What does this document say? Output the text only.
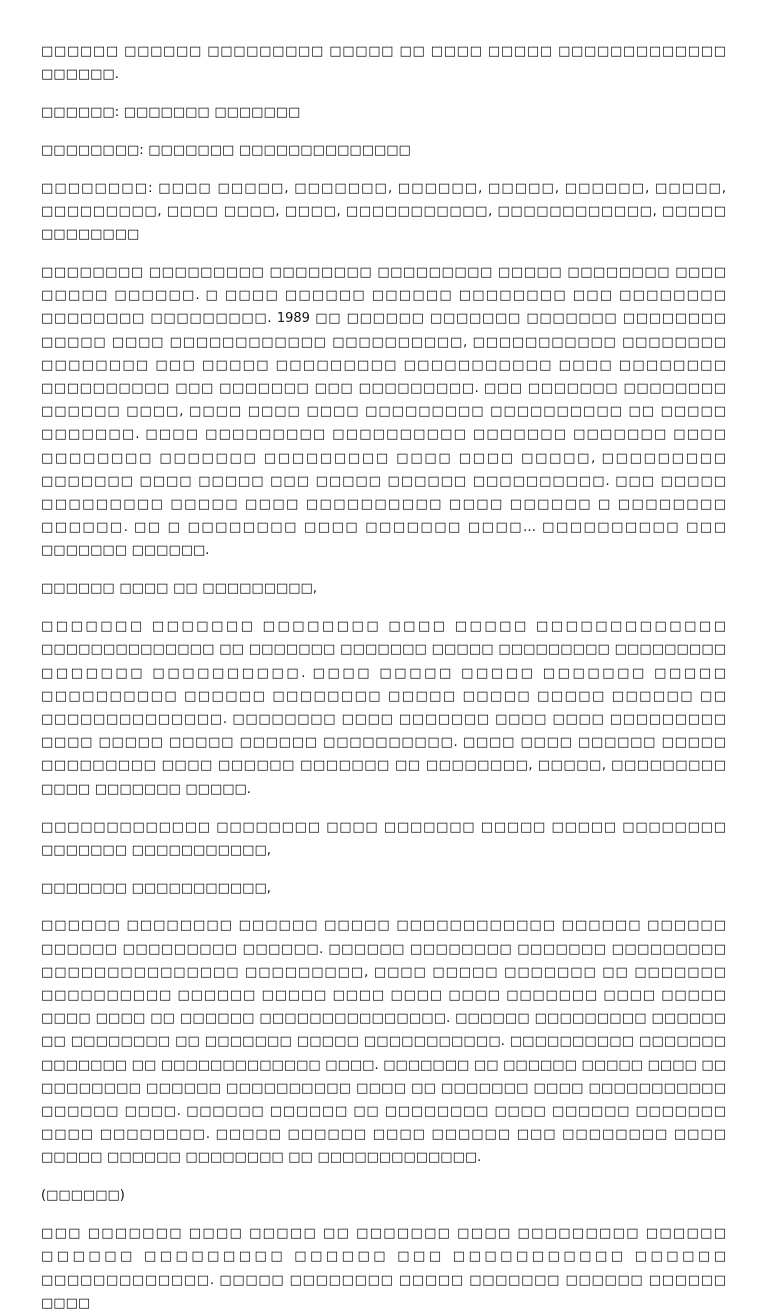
□□□□□□ □□□□□□ □□□□□□□□□ □□□□□ □□ □□□□ □□□□□ □□□□□□□□□□□□□ □□□□□□.

□□□□□□: □□□□□□□ □□□□□□□

□□□□□□□□: □□□□□□□ □□□□□□□□□□□□□□

□□□□□□□□: □□□□ □□□□□, □□□□□□□, □□□□□□, □□□□□, □□□□□□, □□□□□, □□□□□□□□□, □□□□ □□□□, □□□□, □□□□□□□□□□□, □□□□□□□□□□□□, □□□□□ □□□□□□□□

□□□□□□□□ □□□□□□□□□ □□□□□□□□ □□□□□□□□□ □□□□□ □□□□□□□□ □□□□ □□□□□ □□□□□□. □ □□□□ □□□□□□ □□□□□□ □□□□□□□□ □□□ □□□□□□□□ □□□□□□□□ □□□□□□□□□. 1989 □□ □□□□□□ □□□□□□□ □□□□□□□ □□□□□□□□ □□□□□ □□□□ □□□□□□□□□□□□ □□□□□□□□□□, □□□□□□□□□□□ □□□□□□□□ □□□□□□□□ □□□ □□□□□ □□□□□□□□□ □□□□□□□□□□□ □□□□ □□□□□□□□ □□□□□□□□□□ □□□ □□□□□□□ □□□ □□□□□□□□□. □□□ □□□□□□□ □□□□□□□□ □□□□□□ □□□□, □□□□ □□□□ □□□□ □□□□□□□□□ □□□□□□□□□□ □□ □□□□□ □□□□□□□. □□□□ □□□□□□□□□ □□□□□□□□□□ □□□□□□□ □□□□□□□ □□□□ □□□□□□□□ □□□□□□□ □□□□□□□□□ □□□□ □□□□ □□□□□, □□□□□□□□□ □□□□□□□ □□□□ □□□□□ □□□ □□□□□ □□□□□□ □□□□□□□□□□. □□□ □□□□□ □□□□□□□□□ □□□□□ □□□□ □□□□□□□□□□ □□□□ □□□□□□ □ □□□□□□□□ □□□□□□. □□ □ □□□□□□□□ □□□□ □□□□□□□ □□□□… □□□□□□□□□□ □□□ □□□□□□□ □□□□□□.

□□□□□□ □□□□ □□ □□□□□□□□□,

□□□□□□□ □□□□□□□ □□□□□□□□ □□□□ □□□□□ □□□□□□□□□□□□□ □□□□□□□□□□□□□□ □□ □□□□□□□ □□□□□□□ □□□□□ □□□□□□□□□ □□□□□□□□□ □□□□□□□ □□□□□□□□□□. □□□□ □□□□□ □□□□□ □□□□□□□ □□□□□ □□□□□□□□□□ □□□□□□ □□□□□□□□ □□□□□ □□□□□ □□□□□ □□□□□□ □□ □□□□□□□□□□□□□□. □□□□□□□□ □□□□ □□□□□□□ □□□□ □□□□ □□□□□□□□□ □□□□ □□□□□ □□□□□ □□□□□□ □□□□□□□□□□. □□□□ □□□□ □□□□□□ □□□□□ □□□□□□□□□ □□□□ □□□□□□ □□□□□□□ □□ □□□□□□□□, □□□□□, □□□□□□□□□ □□□□ □□□□□□□ □□□□□.

□□□□□□□□□□□□□ □□□□□□□□ □□□□ □□□□□□□ □□□□□ □□□□□ □□□□□□□□ □□□□□□□ □□□□□□□□□□□,

□□□□□□□ □□□□□□□□□□□,

□□□□□□ □□□□□□□□ □□□□□□ □□□□□ □□□□□□□□□□□□ □□□□□□ □□□□□□ □□□□□□ □□□□□□□□□ □□□□□□. □□□□□□ □□□□□□□□ □□□□□□□ □□□□□□□□□ □□□□□□□□□□□□□□□ □□□□□□□□□, □□□□ □□□□□ □□□□□□□ □□ □□□□□□□ □□□□□□□□□□ □□□□□□ □□□□□ □□□□ □□□□ □□□□ □□□□□□□ □□□□ □□□□□ □□□□ □□□□ □□ □□□□□□ □□□□□□□□□□□□□□□. □□□□□□ □□□□□□□□□ □□□□□□ □□ □□□□□□□□ □□ □□□□□□□ □□□□□ □□□□□□□□□□□. □□□□□□□□□□ □□□□□□□ □□□□□□□ □□ □□□□□□□□□□□□□ □□□□. □□□□□□□ □□ □□□□□□ □□□□□ □□□□ □□ □□□□□□□□ □□□□□□ □□□□□□□□□□ □□□□ □□ □□□□□□□ □□□□ □□□□□□□□□□□ □□□□□□ □□□□. □□□□□□ □□□□□□ □□ □□□□□□□□ □□□□ □□□□□□ □□□□□□□ □□□□ □□□□□□□□. □□□□□ □□□□□□ □□□□ □□□□□□ □□□ □□□□□□□□ □□□□ □□□□□ □□□□□□ □□□□□□□□ □□ □□□□□□□□□□□□□.

(□□□□□□)

□□□ □□□□□□□ □□□□ □□□□□ □□ □□□□□□□ □□□□ □□□□□□□□□ □□□□□□ □□□□□□ □□□□□□□□□ □□□□□□ □□□ □□□□□□□□□□□ □□□□□□ □□□□□□□□□□□□□. □□□□□ □□□□□□□□ □□□□□ □□□□□□□ □□□□□□ □□□□□□ □□□□
